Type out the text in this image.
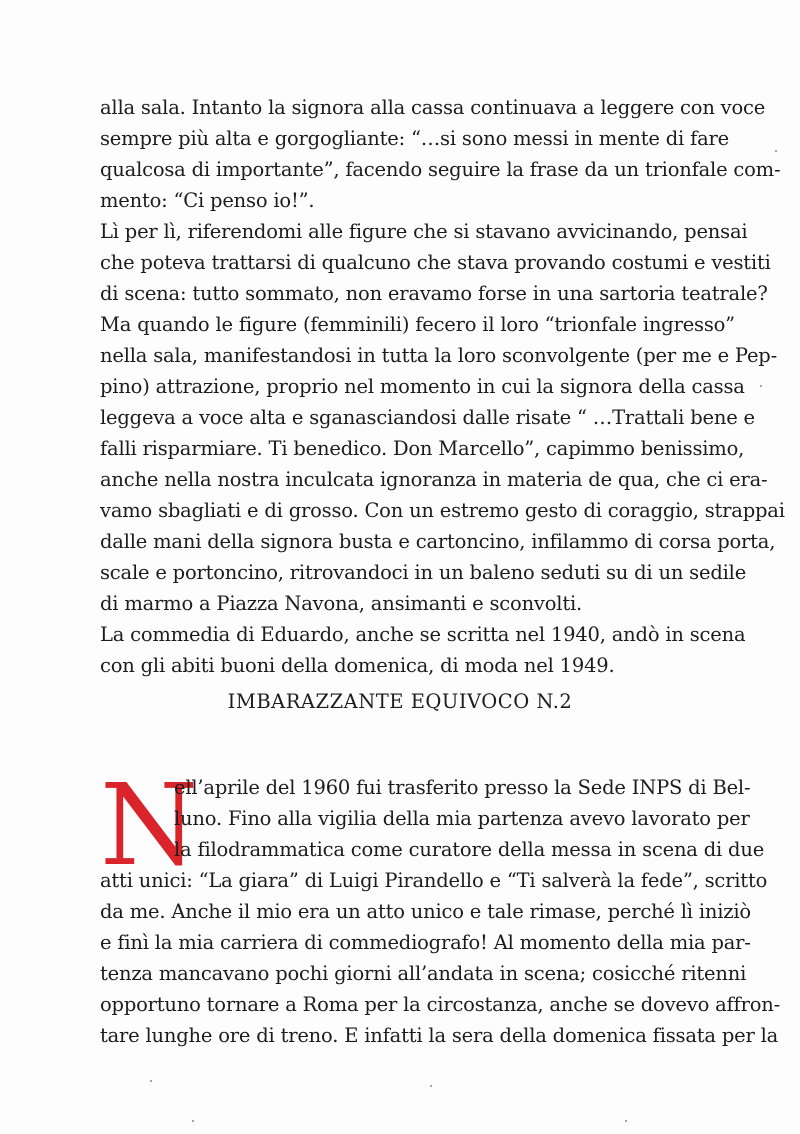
alla sala. Intanto la signora alla cassa continuava a leggere con voce
sempre più alta e gorgogliante: “…si sono messi in mente di fare
qualcosa di importante”, facendo seguire la frase da un trionfale com-
mento: “Ci penso io!”.
Lì per lì, riferendomi alle figure che si stavano avvicinando, pensai
che poteva trattarsi di qualcuno che stava provando costumi e vestiti
di scena: tutto sommato, non eravamo forse in una sartoria teatrale?
Ma quando le figure (femminili) fecero il loro “trionfale ingresso”
nella sala, manifestandosi in tutta la loro sconvolgente (per me e Pep-
pino) attrazione, proprio nel momento in cui la signora della cassa
leggeva a voce alta e sganasciandosi dalle risate “ …Trattali bene e
falli risparmiare. Ti benedico. Don Marcello”, capimmo benissimo,
anche nella nostra inculcata ignoranza in materia de qua, che ci era-
vamo sbagliati e di grosso. Con un estremo gesto di coraggio, strappai
dalle mani della signora busta e cartoncino, infilammo di corsa porta,
scale e portoncino, ritrovandoci in un baleno seduti su di un sedile
di marmo a Piazza Navona, ansimanti e sconvolti.
La commedia di Eduardo, anche se scritta nel 1940, andò in scena
con gli abiti buoni della domenica, di moda nel 1949.
IMBARAZZANTE EQUIVOCO N.2
N
ell’aprile del 1960 fui trasferito presso la Sede INPS di Bel-
luno. Fino alla vigilia della mia partenza avevo lavorato per
la filodrammatica come curatore della messa in scena di due
atti unici: “La giara” di Luigi Pirandello e “Ti salverà la fede”, scritto
da me. Anche il mio era un atto unico e tale rimase, perché lì iniziò
e finì la mia carriera di commediografo! Al momento della mia par-
tenza mancavano pochi giorni all’andata in scena; cosicché ritenni
opportuno tornare a Roma per la circostanza, anche se dovevo affron-
tare lunghe ore di treno. E infatti la sera della domenica fissata per la
